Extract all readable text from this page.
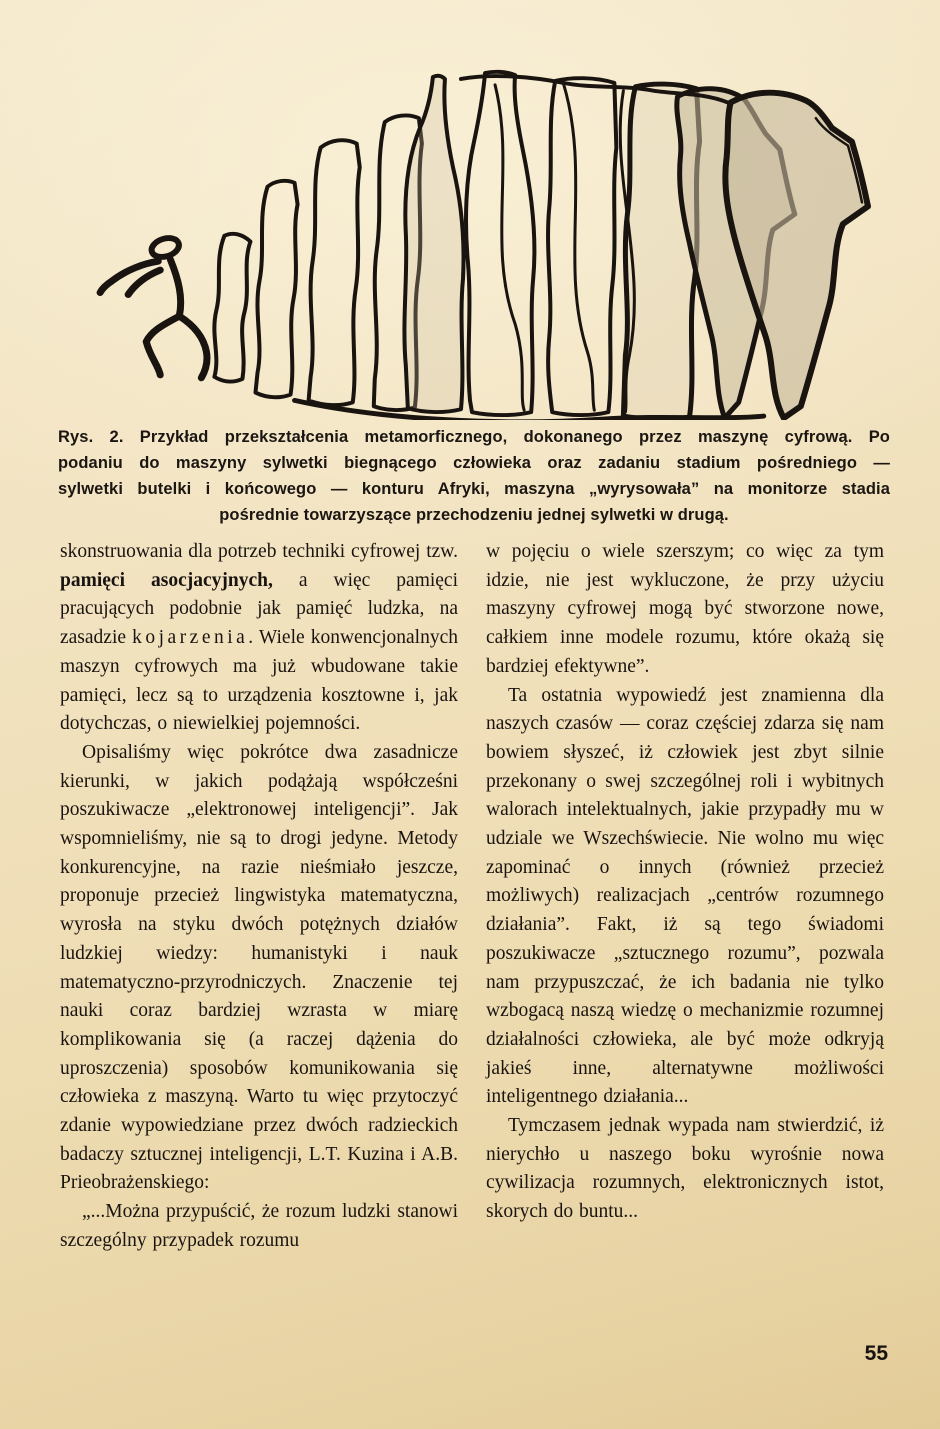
Rys. 2. Przykład przekształcenia metamorficznego, dokonanego przez maszynę cyfrową. Po
podaniu do maszyny sylwetki biegnącego człowieka oraz zadaniu stadium pośredniego —
sylwetki butelki i końcowego — konturu Afryki, maszyna „wyrysowała” na monitorze stadia
pośrednie towarzyszące przechodzeniu jednej sylwetki w drugą.

skonstruowania dla potrzeb techniki cyfrowej tzw. pamięci asocjacyjnych, a więc pamięci pracujących podobnie jak pamięć ludzka, na zasadzie kojarzenia. Wiele konwencjonalnych maszyn cyfrowych ma już wbudowane takie pamięci, lecz są to urządzenia kosztowne i, jak dotychczas, o niewielkiej pojemności.

Opisaliśmy więc pokrótce dwa zasadnicze kierunki, w jakich podążają współcześni poszukiwacze „elektronowej inteligencji”. Jak wspomnieliśmy, nie są to drogi jedyne. Metody konkurencyjne, na razie nieśmiało jeszcze, proponuje przecież lingwistyka matematyczna, wyrosła na styku dwóch potężnych działów ludzkiej wiedzy: humanistyki i nauk matematyczno-przyrodniczych. Znaczenie tej nauki coraz bardziej wzrasta w miarę komplikowania się (a raczej dążenia do uproszczenia) sposobów komunikowania się człowieka z maszyną. Warto tu więc przytoczyć zdanie wypowiedziane przez dwóch radzieckich badaczy sztucznej inteligencji, L.T. Kuzina i A.B. Prieobrażenskiego:

„...Można przypuścić, że rozum ludzki stanowi szczególny przypadek rozumu

w pojęciu o wiele szerszym; co więc za tym idzie, nie jest wykluczone, że przy użyciu maszyny cyfrowej mogą być stworzone nowe, całkiem inne modele rozumu, które okażą się bardziej efektywne”.

Ta ostatnia wypowiedź jest znamienna dla naszych czasów — coraz częściej zdarza się nam bowiem słyszeć, iż człowiek jest zbyt silnie przekonany o swej szczególnej roli i wybitnych walorach intelektualnych, jakie przypadły mu w udziale we Wszechświecie. Nie wolno mu więc zapominać o innych (również przecież możliwych) realizacjach „centrów rozumnego działania”. Fakt, iż są tego świadomi poszukiwacze „sztucznego rozumu”, pozwala nam przypuszczać, że ich badania nie tylko wzbogacą naszą wiedzę o mechanizmie rozumnej działalności człowieka, ale być może odkryją jakieś inne, alternatywne możliwości inteligentnego działania...

Tymczasem jednak wypada nam stwierdzić, iż nierychło u naszego boku wyrośnie nowa cywilizacja rozumnych, elektronicznych istot, skorych do buntu...

55
